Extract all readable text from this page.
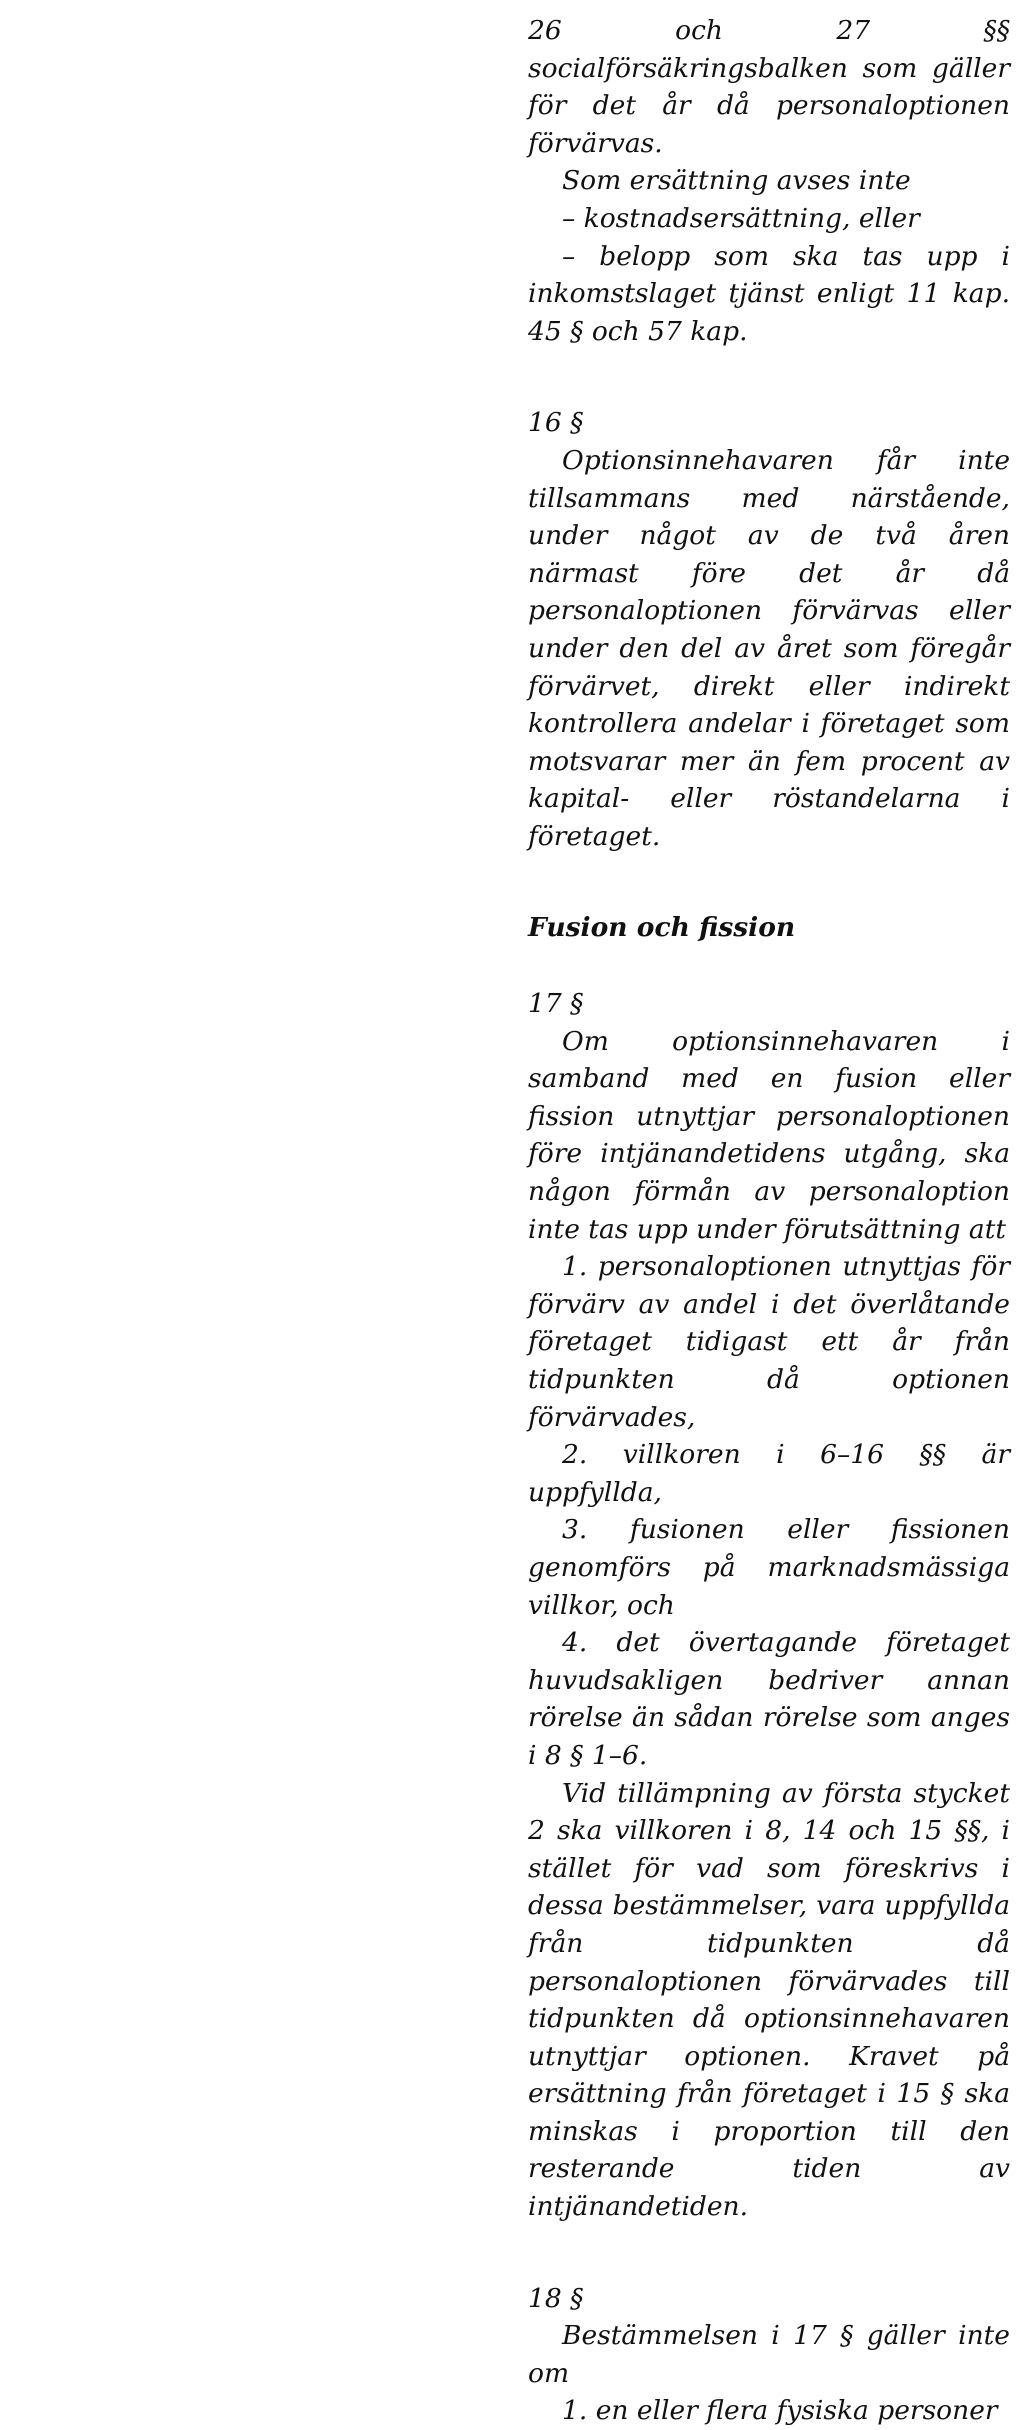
26 och 27 §§ socialförsäkringsbalken som gäller för det år då personaloptionen förvärvas.

Som ersättning avses inte

– kostnadsersättning, eller

– belopp som ska tas upp i inkomstslaget tjänst enligt 11 kap. 45 § och 57 kap.

16 §

Optionsinnehavaren får inte tillsammans med närstående, under något av de två åren närmast före det år då personaloptionen förvärvas eller under den del av året som föregår förvärvet, direkt eller indirekt kontrollera andelar i företaget som motsvarar mer än fem procent av kapital- eller röstandelarna i företaget.

Fusion och fission

17 §

Om optionsinnehavaren i samband med en fusion eller fission utnyttjar personaloptionen före intjänandetidens utgång, ska någon förmån av personaloption inte tas upp under förutsättning att

1. personaloptionen utnyttjas för förvärv av andel i det överlåtande företaget tidigast ett år från tidpunkten då optionen förvärvades,

2. villkoren i 6–16 §§ är uppfyllda,

3. fusionen eller fissionen genomförs på marknadsmässiga villkor, och

4. det övertagande företaget huvudsakligen bedriver annan rörelse än sådan rörelse som anges i 8 § 1–6.

Vid tillämpning av första stycket 2 ska villkoren i 8, 14 och 15 §§, i stället för vad som föreskrivs i dessa bestämmelser, vara uppfyllda från tidpunkten då personaloptionen förvärvades till tidpunkten då optionsinnehavaren utnyttjar optionen. Kravet på ersättning från företaget i 15 § ska minskas i proportion till den resterande tiden av intjänandetiden.

18 §

Bestämmelsen i 17 § gäller inte om

1. en eller flera fysiska personer
